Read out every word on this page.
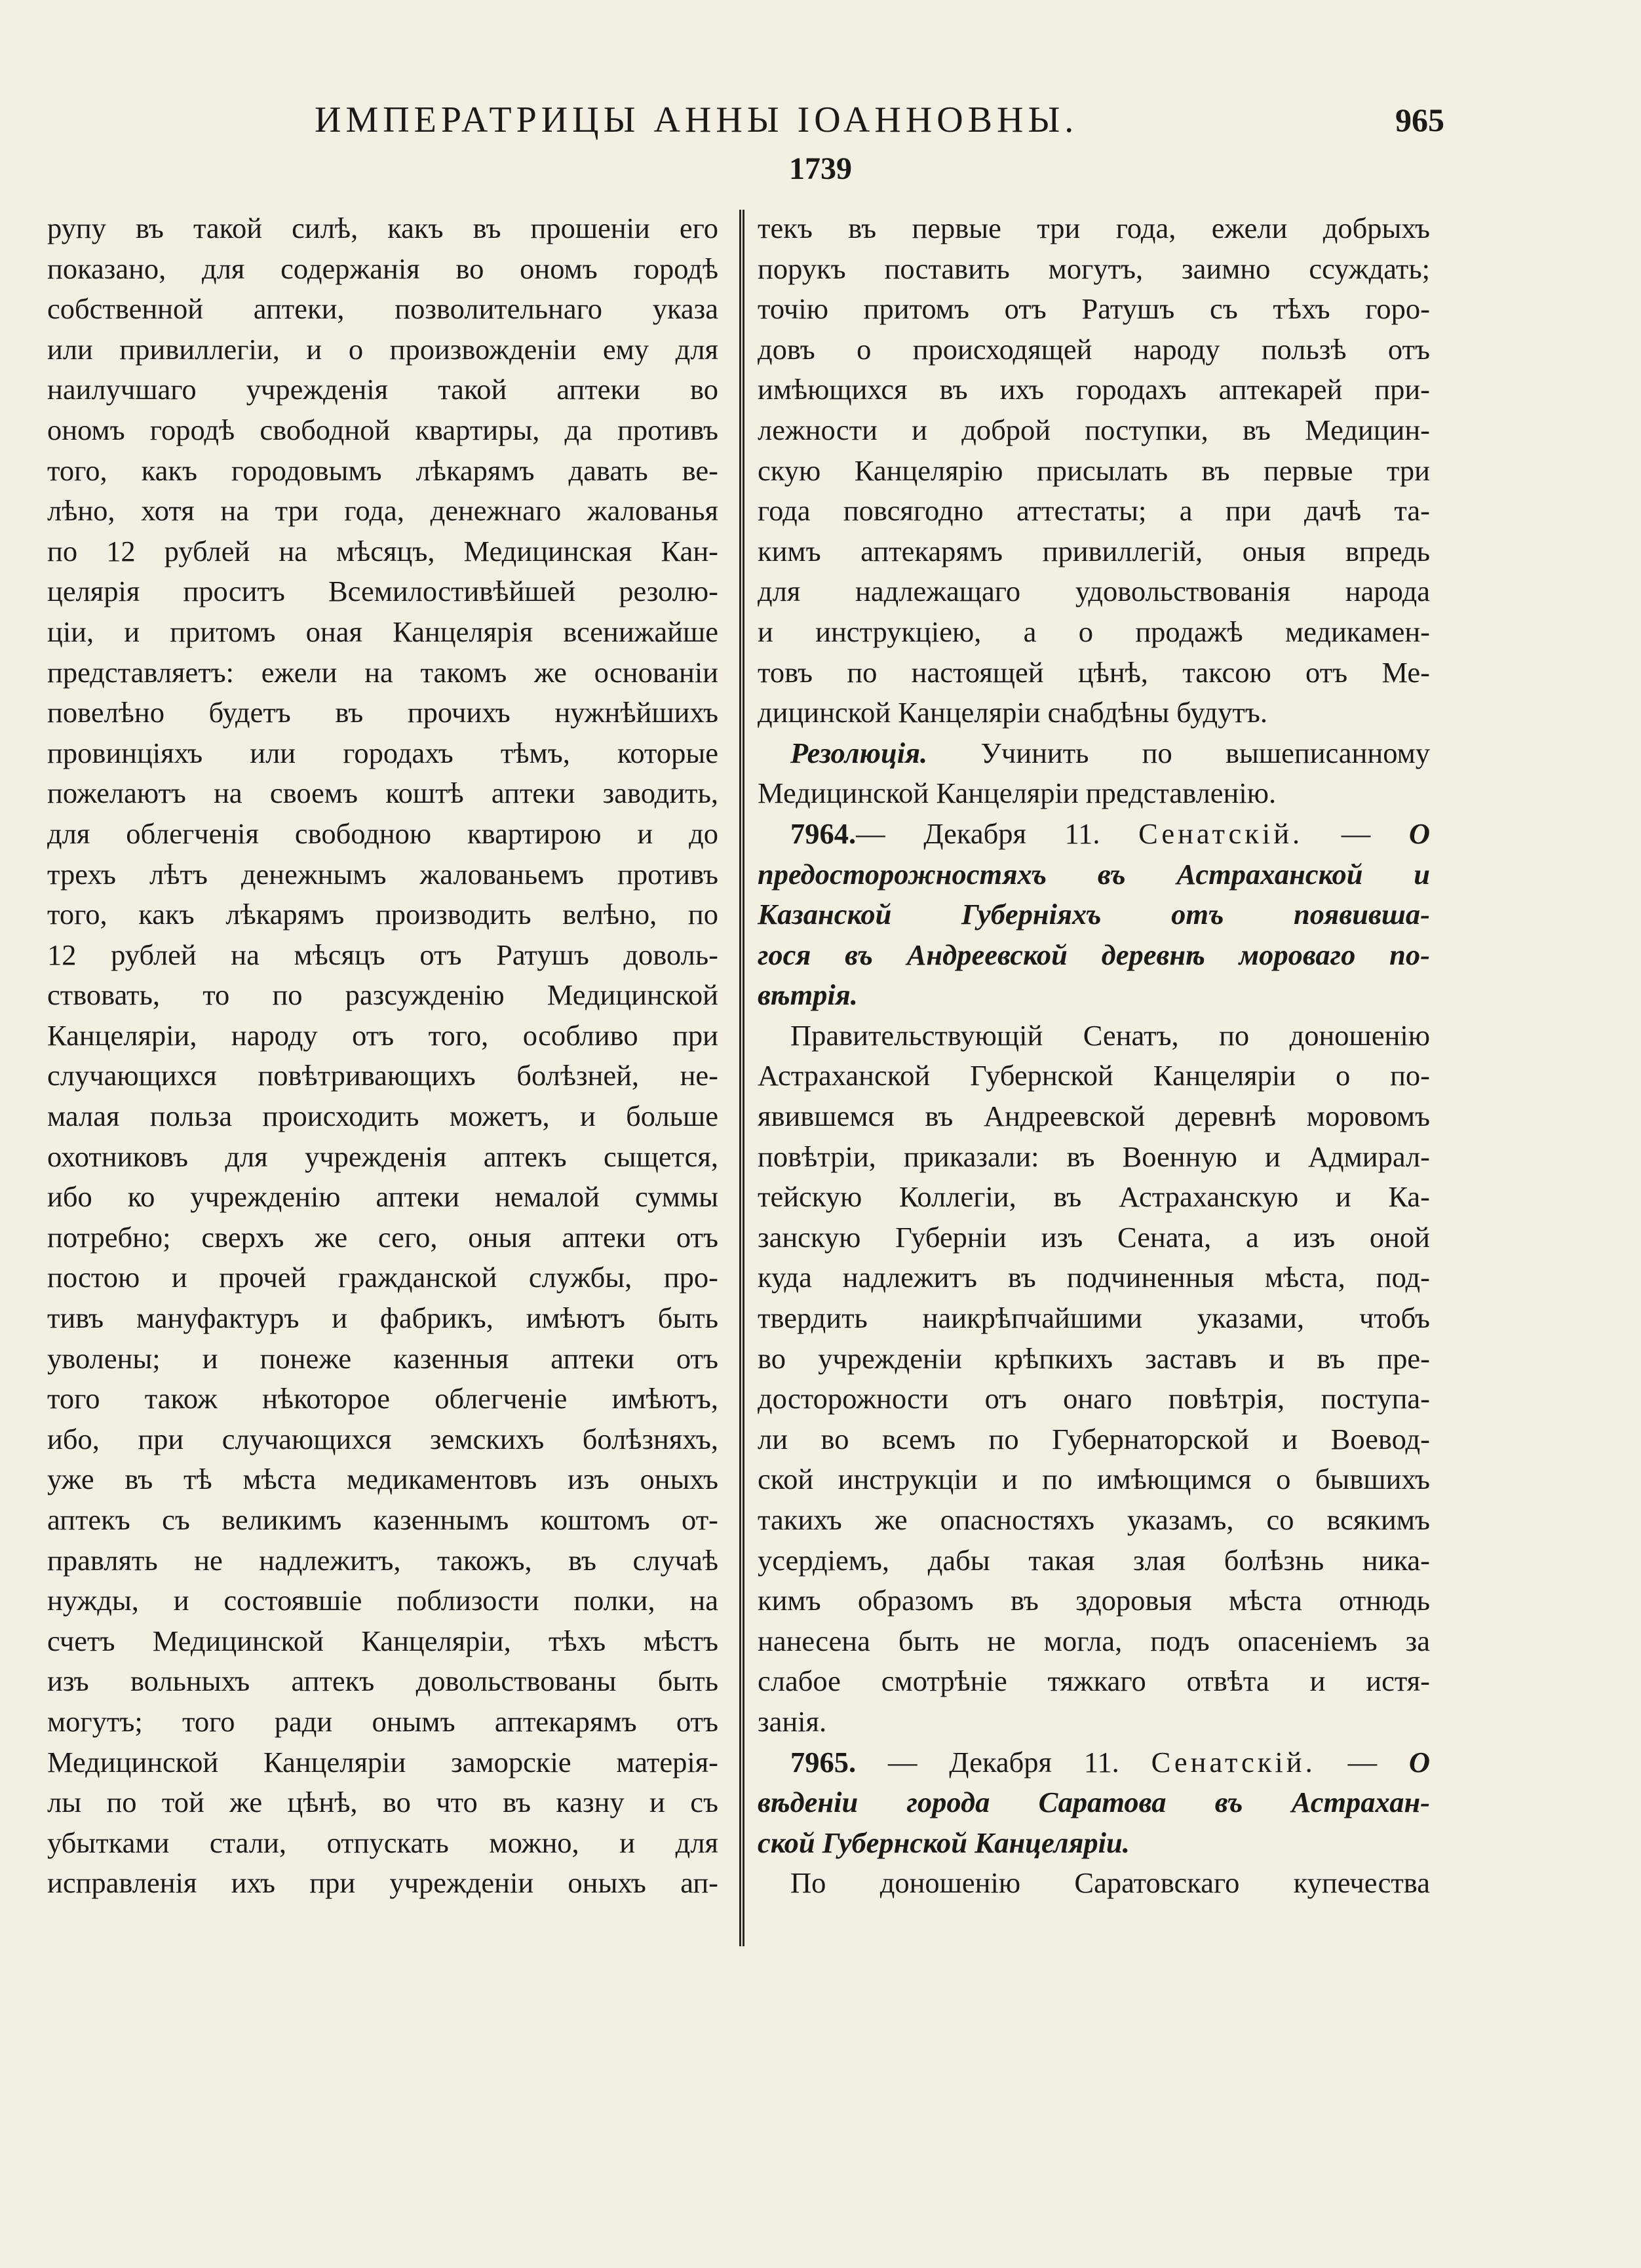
ИМПЕРАТРИЦЫ АННЫ ІОАННОВНЫ.	965
1739
рупу въ такой силѣ, какъ въ прошеніи его
показано, для содержанія во ономъ городѣ
собственной аптеки, позволительнаго указа
или привиллегіи, и о произвожденіи ему для
наилучшаго учрежденія такой аптеки во
ономъ городѣ свободной квартиры, да противъ
того, какъ городовымъ лѣкарямъ давать ве-
лѣно, хотя на три года, денежнаго жалованья
по 12 рублей на мѣсяцъ, Медицинская Кан-
целярія проситъ Всемилостивѣйшей резолю-
ціи, и притомъ оная Канцелярія всенижайше
представляетъ: ежели на такомъ же основаніи
повелѣно будетъ въ прочихъ нужнѣйшихъ
провинціяхъ или городахъ тѣмъ, которые
пожелаютъ на своемъ коштѣ аптеки заводить,
для облегченія свободною квартирою и до
трехъ лѣтъ денежнымъ жалованьемъ противъ
того, какъ лѣкарямъ производить велѣно, по
12 рублей на мѣсяцъ отъ Ратушъ доволь-
ствовать, то по разсужденію Медицинской
Канцеляріи, народу отъ того, особливо при
случающихся повѣтривающихъ болѣзней, не-
малая польза происходить можетъ, и больше
охотниковъ для учрежденія аптекъ сыщется,
ибо ко учрежденію аптеки немалой суммы
потребно; сверхъ же сего, оныя аптеки отъ
постою и прочей гражданской службы, про-
тивъ мануфактуръ и фабрикъ, имѣютъ быть
уволены; и понеже казенныя аптеки отъ
того також нѣкоторое облегченіе имѣютъ,
ибо, при случающихся земскихъ болѣзняхъ,
уже въ тѣ мѣста медикаментовъ изъ оныхъ
аптекъ съ великимъ казеннымъ коштомъ от-
правлять не надлежитъ, такожъ, въ случаѣ
нужды, и состоявшіе поблизости полки, на
счетъ Медицинской Канцеляріи, тѣхъ мѣстъ
изъ вольныхъ аптекъ довольствованы быть
могутъ; того ради онымъ аптекарямъ отъ
Медицинской Канцеляріи заморскіе матерія-
лы по той же цѣнѣ, во что въ казну и съ
убытками стали, отпускать можно, и для
исправленія ихъ при учрежденіи оныхъ ап-
текъ въ первые три года, ежели добрыхъ
порукъ поставить могутъ, заимно ссуждать;
точію притомъ отъ Ратушъ съ тѣхъ горо-
довъ о происходящей народу пользѣ отъ
имѣющихся въ ихъ городахъ аптекарей при-
лежности и доброй поступки, въ Медицин-
скую Канцелярію присылать въ первые три
года повсягодно аттестаты; а при дачѣ та-
кимъ аптекарямъ привиллегій, оныя впредь
для надлежащаго удовольствованія народа
и инструкціею, а о продажѣ медикамен-
товъ по настоящей цѣнѣ, таксою отъ Ме-
дицинской Канцеляріи снабдѣны будутъ.
Резолюція. Учинить по вышеписанному
Медицинской Канцеляріи представленію.
7964.— Декабря 11. Сенатскій. — О
предосторожностяхъ въ Астраханской и
Казанской Губерніяхъ отъ появивша-
гося въ Андреевской деревнѣ мороваго по-
вѣтрія.
Правительствующій Сенатъ, по доношенію
Астраханской Губернской Канцеляріи о по-
явившемся въ Андреевской деревнѣ моровомъ
повѣтріи, приказали: въ Военную и Адмирал-
тейскую Коллегіи, въ Астраханскую и Ка-
занскую Губерніи изъ Сената, а изъ оной
куда надлежитъ въ подчиненныя мѣста, под-
твердить наикрѣпчайшими указами, чтобъ
во учрежденіи крѣпкихъ заставъ и въ пре-
досторожности отъ онаго повѣтрія, поступа-
ли во всемъ по Губернаторской и Воевод-
ской инструкціи и по имѣющимся о бывшихъ
такихъ же опасностяхъ указамъ, со всякимъ
усердіемъ, дабы такая злая болѣзнь ника-
кимъ образомъ въ здоровыя мѣста отнюдь
нанесена быть не могла, подъ опасеніемъ за
слабое смотрѣніе тяжкаго отвѣта и истя-
занія.
7965. — Декабря 11. Сенатскій. — О
вѣденіи города Саратова въ Астрахан-
ской Губернской Канцеляріи.
По доношенію Саратовскаго купечества
